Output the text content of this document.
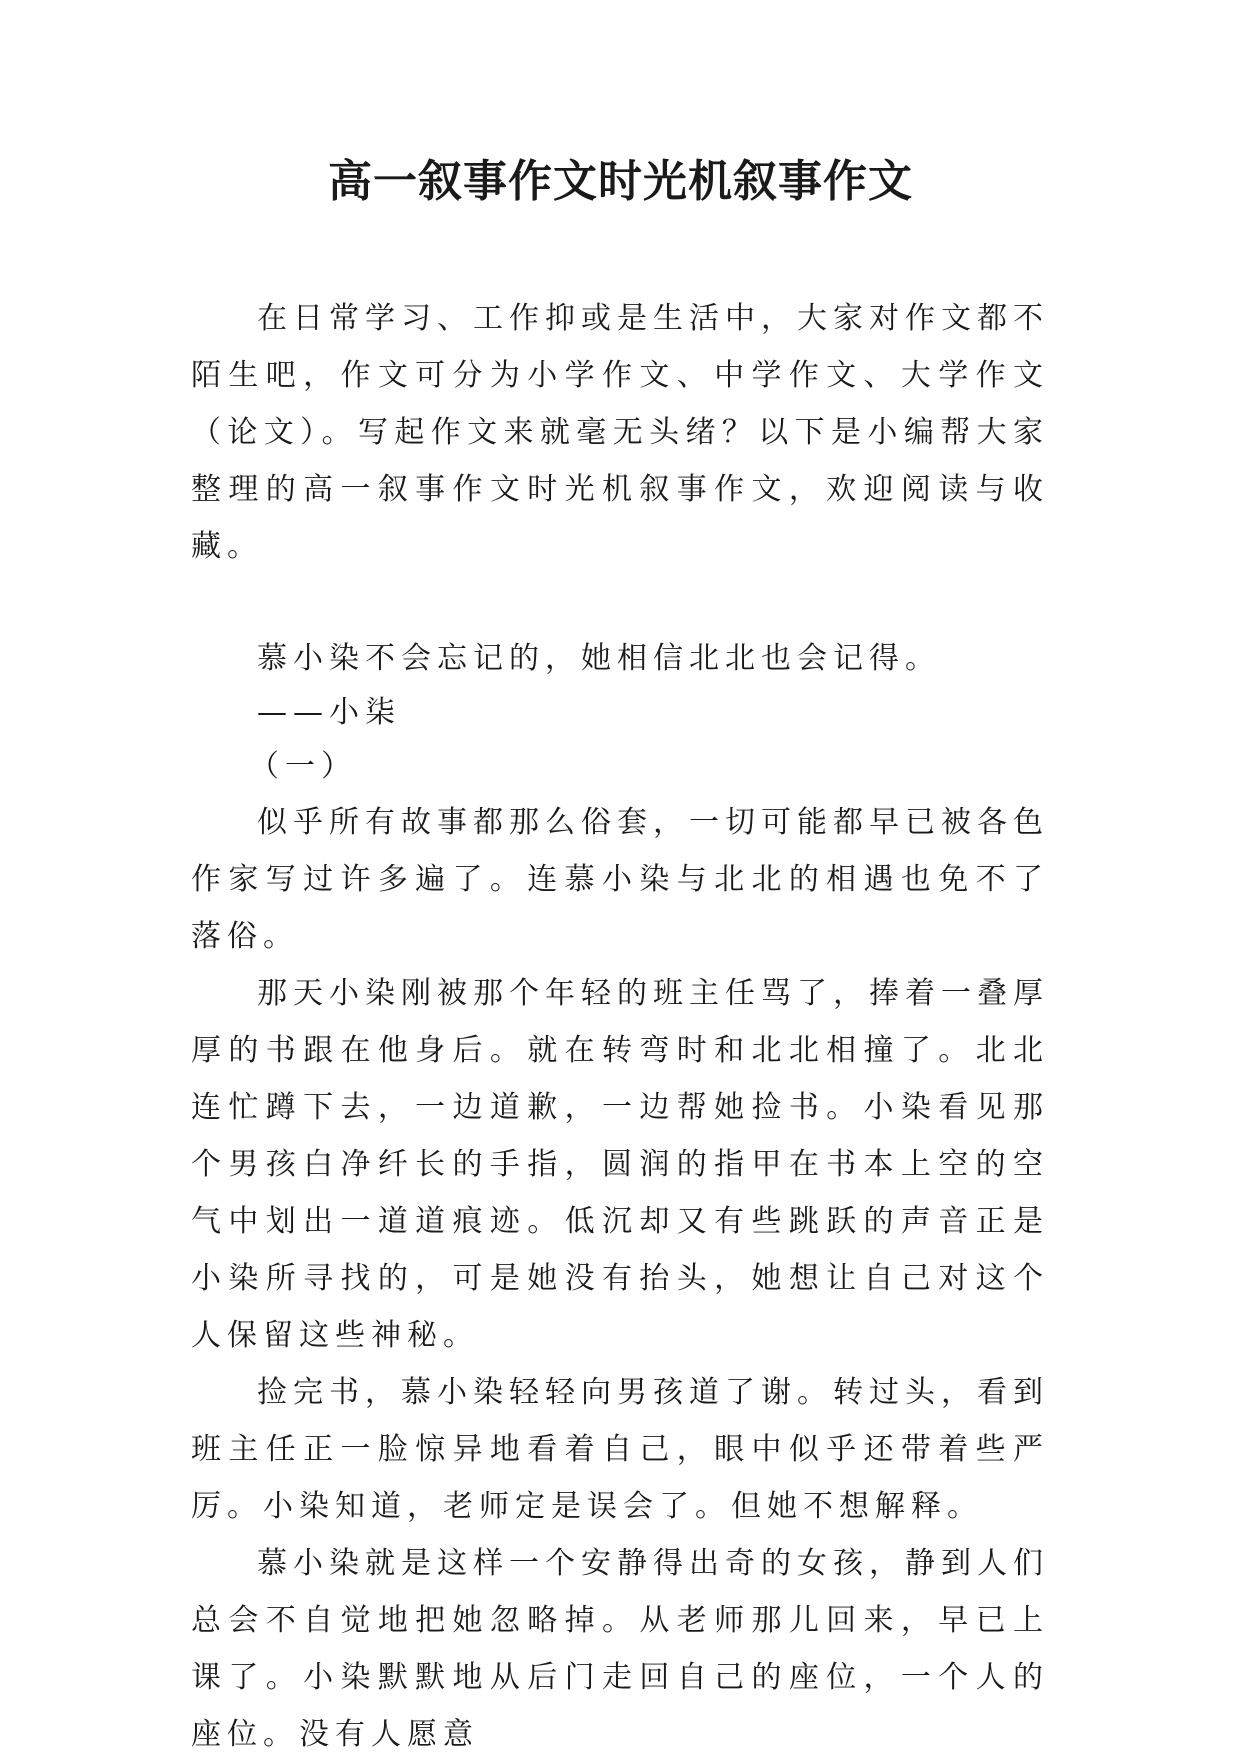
高一叙事作文时光机叙事作文

在日常学习、工作抑或是生活中，大家对作文都不陌生吧，作文可分为小学作文、中学作文、大学作文（论文）。写起作文来就毫无头绪？以下是小编帮大家整理的高一叙事作文时光机叙事作文，欢迎阅读与收藏。

慕小染不会忘记的，她相信北北也会记得。

——小柒

（一）

似乎所有故事都那么俗套，一切可能都早已被各色作家写过许多遍了。连慕小染与北北的相遇也免不了落俗。

那天小染刚被那个年轻的班主任骂了，捧着一叠厚厚的书跟在他身后。就在转弯时和北北相撞了。北北连忙蹲下去，一边道歉，一边帮她捡书。小染看见那个男孩白净纤长的手指，圆润的指甲在书本上空的空气中划出一道道痕迹。低沉却又有些跳跃的声音正是小染所寻找的，可是她没有抬头，她想让自己对这个人保留这些神秘。

捡完书，慕小染轻轻向男孩道了谢。转过头，看到班主任正一脸惊异地看着自己，眼中似乎还带着些严厉。小染知道，老师定是误会了。但她不想解释。

慕小染就是这样一个安静得出奇的女孩，静到人们总会不自觉地把她忽略掉。从老师那儿回来，早已上课了。小染默默地从后门走回自己的座位，一个人的座位。没有人愿意
